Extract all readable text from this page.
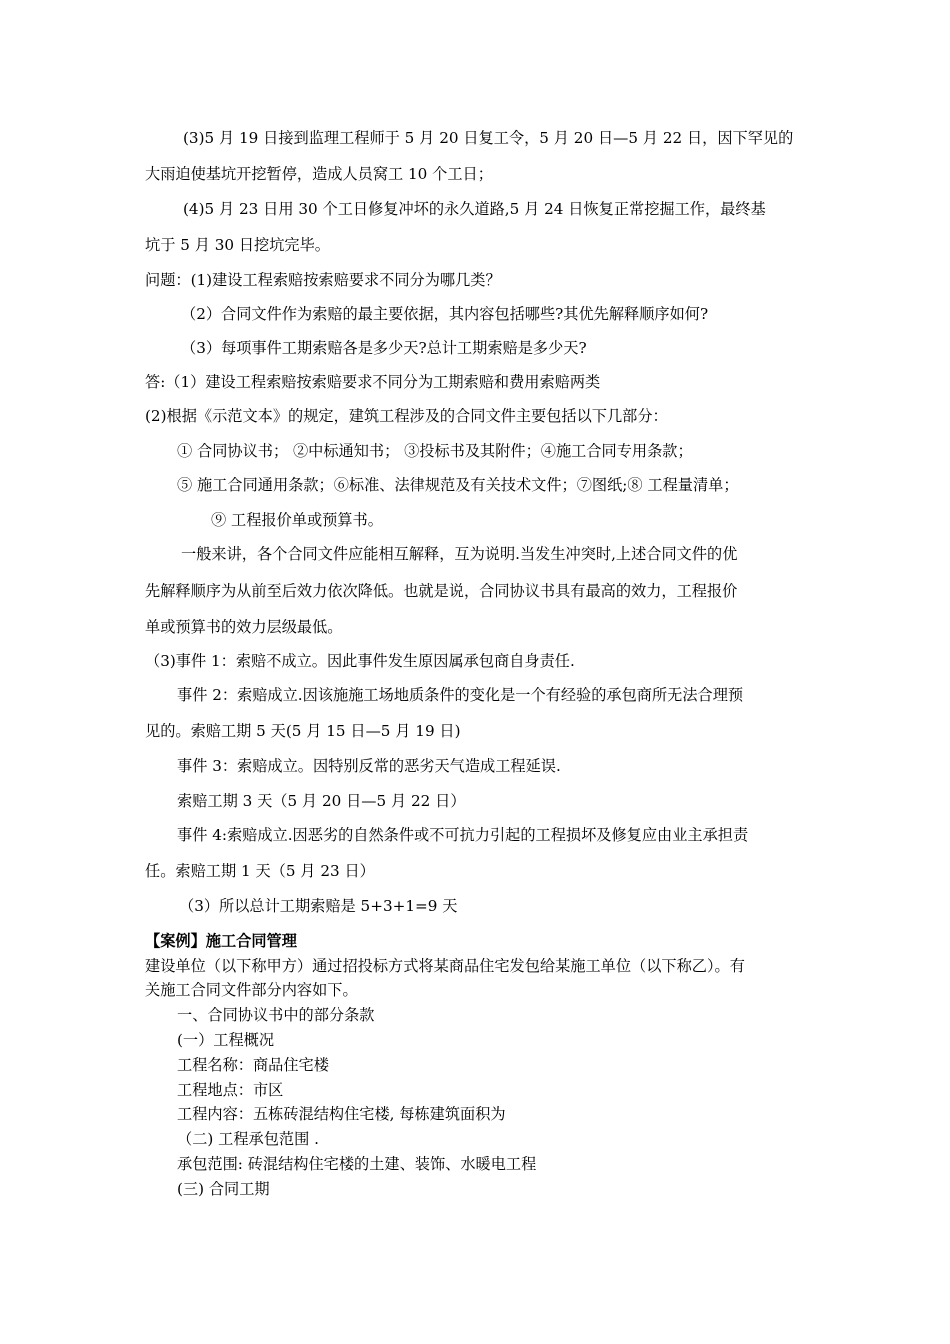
(3)5 月 19 日接到监理工程师于 5 月 20 日复工令，5 月 20 日—5 月 22 日，因下罕见的
大雨迫使基坑开挖暂停，造成人员窝工 10 个工日；
(4)5 月 23 日用 30 个工日修复冲坏的永久道路,5 月 24 日恢复正常挖掘工作，最终基
坑于 5 月 30 日挖坑完毕。
问题：(1)建设工程索赔按索赔要求不同分为哪几类？
（2）合同文件作为索赔的最主要依据，其内容包括哪些?其优先解释顺序如何?
（3）每项事件工期索赔各是多少天?总计工期索赔是多少天?
答:（1）建设工程索赔按索赔要求不同分为工期索赔和费用索赔两类
(2)根据《示范文本》的规定，建筑工程涉及的合同文件主要包括以下几部分：
① 合同协议书； ②中标通知书； ③投标书及其附件；④施工合同专用条款；
⑤ 施工合同通用条款；⑥标准、法律规范及有关技术文件；⑦图纸;⑧ 工程量清单；
⑨ 工程报价单或预算书。
一般来讲，各个合同文件应能相互解释，互为说明.当发生冲突时,上述合同文件的优
先解释顺序为从前至后效力依次降低。也就是说，合同协议书具有最高的效力，工程报价
单或预算书的效力层级最低。
（3)事件 1：索赔不成立。因此事件发生原因属承包商自身责任.
事件 2：索赔成立.因该施施工场地质条件的变化是一个有经验的承包商所无法合理预
见的。索赔工期 5 天(5 月 15 日—5 月 19 日)
事件 3：索赔成立。因特别反常的恶劣天气造成工程延误.
索赔工期 3 天（5 月 20 日—5 月 22 日）
事件 4:索赔成立.因恶劣的自然条件或不可抗力引起的工程损坏及修复应由业主承担责
任。索赔工期 1 天（5 月 23 日）
（3）所以总计工期索赔是 5+3+1=9 天
【案例】施工合同管理
建设单位（以下称甲方）通过招投标方式将某商品住宅发包给某施工单位（以下称乙）。有
关施工合同文件部分内容如下。
一、合同协议书中的部分条款
(一）工程概况
工程名称：商品住宅楼
工程地点：市区
工程内容：五栋砖混结构住宅楼, 每栋建筑面积为
（二) 工程承包范围 .
承包范围: 砖混结构住宅楼的土建、装饰、水暖电工程
(三) 合同工期
